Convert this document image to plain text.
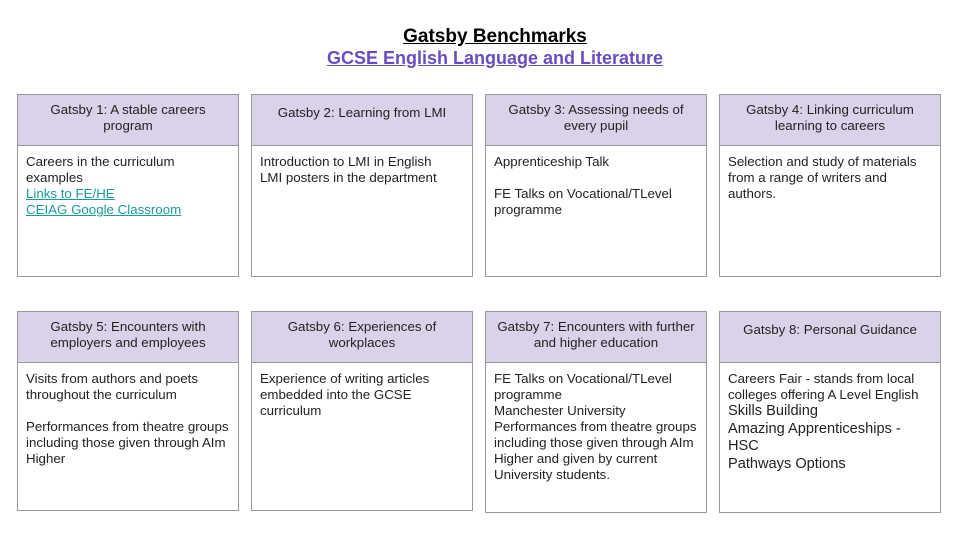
Gatsby Benchmarks
GCSE English Language and Literature
Gatsby 1: A stable careers program
Careers in the curriculum examples
Links to FE/HE
CEIAG Google Classroom
Gatsby 2: Learning from LMI
Introduction to LMI in English
LMI posters in the department
Gatsby 3: Assessing needs of every pupil
Apprenticeship Talk
FE Talks on Vocational/TLevel programme
Gatsby 4: Linking curriculum learning to careers
Selection and study of materials from a range of writers and authors.
Gatsby 5: Encounters with employers and employees
Visits from authors and poets throughout the curriculum
Performances from theatre groups including those given through AIm Higher
Gatsby 6: Experiences of workplaces
Experience of writing articles embedded into the GCSE curriculum
Gatsby 7: Encounters with further and higher education
FE Talks on Vocational/TLevel programme
Manchester University
Performances from theatre groups including those given through AIm Higher and given by current University students.
Gatsby 8: Personal Guidance
Careers Fair - stands from local colleges offering A Level English
Skills Building
Amazing Apprenticeships - HSC
Pathways Options
